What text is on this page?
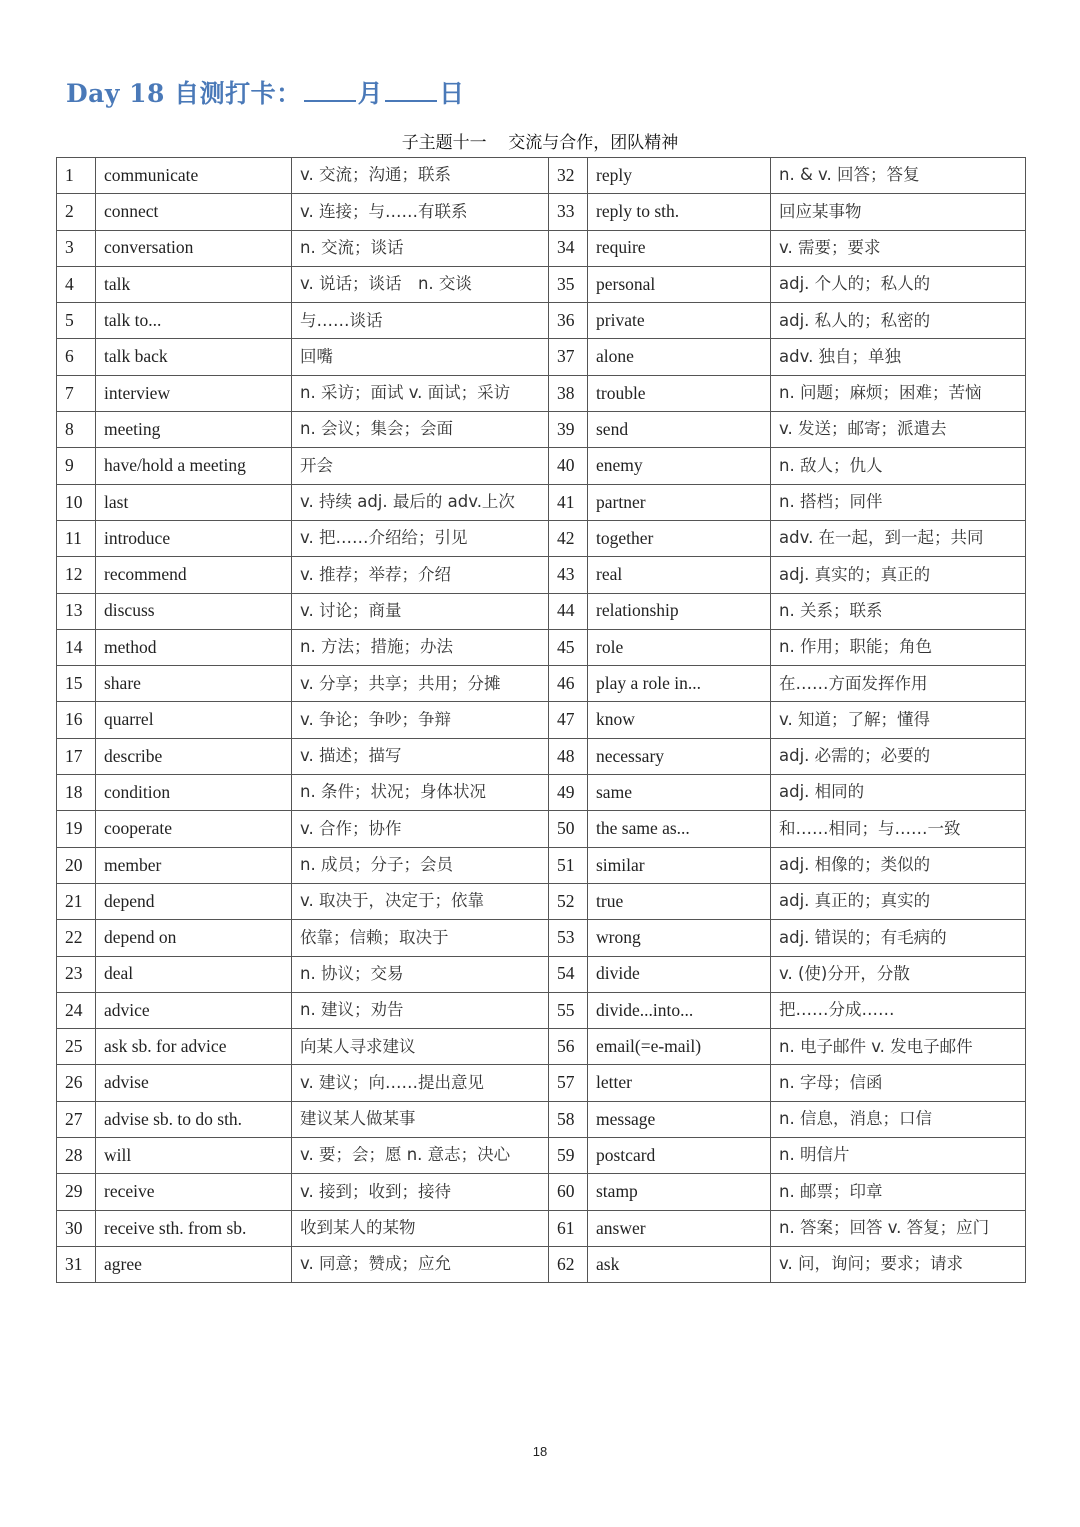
Day 18 自测打卡： 月 日
子主题十一    交流与合作，团队精神
1	communicate	v. 交流；沟通；联系	32	reply	n. & v. 回答；答复
2	connect	v. 连接；与……有联系	33	reply to sth.	回应某事物
3	conversation	n. 交流；谈话	34	require	v. 需要；要求
4	talk	v. 说话；谈话　n. 交谈	35	personal	adj. 个人的；私人的
5	talk to...	与……谈话	36	private	adj. 私人的；私密的
6	talk back	回嘴	37	alone	adv. 独自；单独
7	interview	n. 采访；面试 v. 面试；采访	38	trouble	n. 问题；麻烦；困难；苦恼
8	meeting	n. 会议；集会；会面	39	send	v. 发送；邮寄；派遣去
9	have/hold a meeting	开会	40	enemy	n. 敌人；仇人
10	last	v. 持续 adj. 最后的 adv.上次	41	partner	n. 搭档；同伴
11	introduce	v. 把……介绍给；引见	42	together	adv. 在一起，到一起；共同
12	recommend	v. 推荐；举荐；介绍	43	real	adj. 真实的；真正的
13	discuss	v. 讨论；商量	44	relationship	n. 关系；联系
14	method	n. 方法；措施；办法	45	role	n. 作用；职能；角色
15	share	v. 分享；共享；共用；分摊	46	play a role in...	在……方面发挥作用
16	quarrel	v. 争论；争吵；争辩	47	know	v. 知道；了解；懂得
17	describe	v. 描述；描写	48	necessary	adj. 必需的；必要的
18	condition	n. 条件；状况；身体状况	49	same	adj. 相同的
19	cooperate	v. 合作；协作	50	the same as...	和……相同；与……一致
20	member	n. 成员；分子；会员	51	similar	adj. 相像的；类似的
21	depend	v. 取决于，决定于；依靠	52	true	adj. 真正的；真实的
22	depend on	依靠；信赖；取决于	53	wrong	adj. 错误的；有毛病的
23	deal	n. 协议；交易	54	divide	v. (使)分开，分散
24	advice	n. 建议；劝告	55	divide...into...	把……分成……
25	ask sb. for advice	向某人寻求建议	56	email(=e-mail)	n. 电子邮件 v. 发电子邮件
26	advise	v. 建议；向……提出意见	57	letter	n. 字母；信函
27	advise sb. to do sth.	建议某人做某事	58	message	n. 信息，消息；口信
28	will	v. 要；会；愿 n. 意志；决心	59	postcard	n. 明信片
29	receive	v. 接到；收到；接待	60	stamp	n. 邮票；印章
30	receive sth. from sb.	收到某人的某物	61	answer	n. 答案；回答 v. 答复；应门
31	agree	v. 同意；赞成；应允	62	ask	v. 问，询问；要求；请求
18
